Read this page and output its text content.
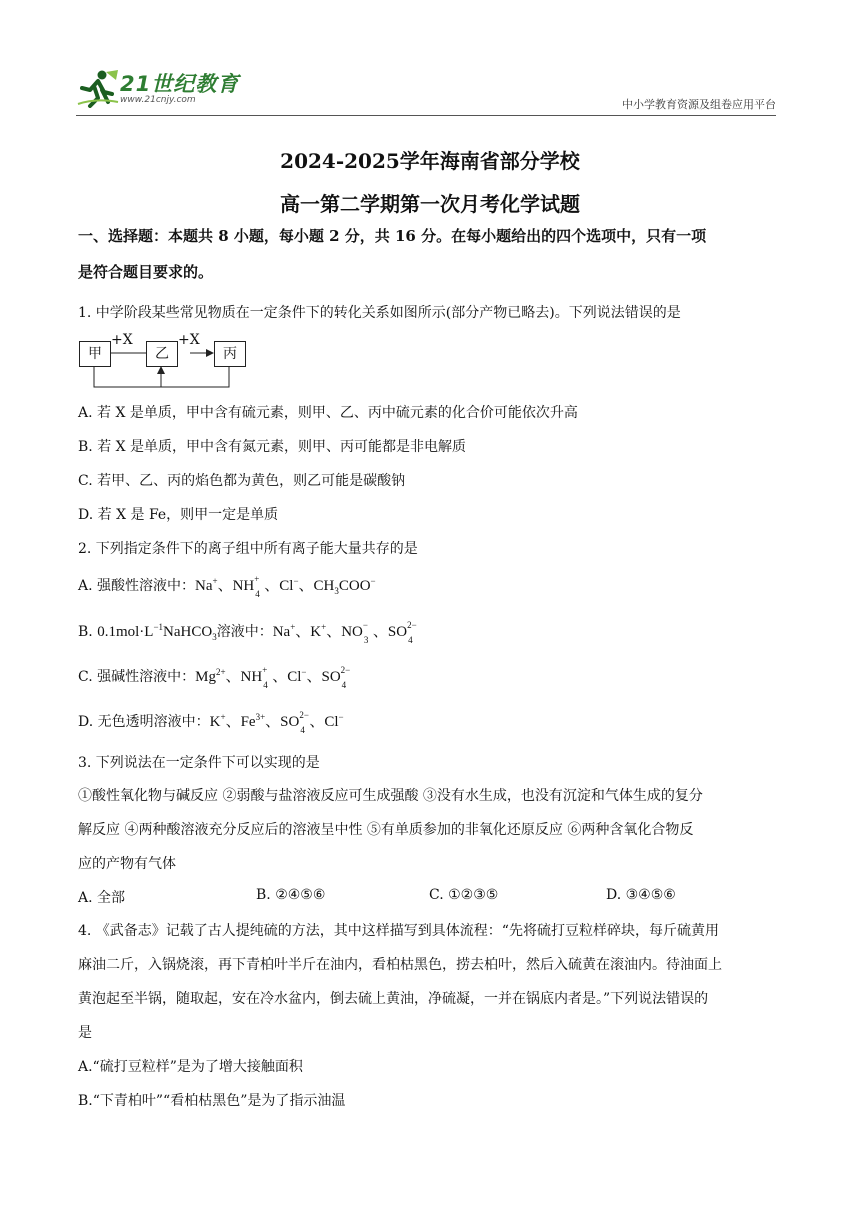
21世纪教育
www.21cnjy.com	中小学教育资源及组卷应用平台
2024-2025学年海南省部分学校
高一第二学期第一次月考化学试题
一、选择题：本题共 8 小题，每小题 2 分，共 16 分。在每小题给出的四个选项中，只有一项
是符合题目要求的。
1. 中学阶段某些常见物质在一定条件下的转化关系如图所示(部分产物已略去)。下列说法错误的是
甲	乙	丙
+X	+X
A. 若 X 是单质，甲中含有硫元素，则甲、乙、丙中硫元素的化合价可能依次升高
B. 若 X 是单质，甲中含有氮元素，则甲、丙可能都是非电解质
C. 若甲、乙、丙的焰色都为黄色，则乙可能是碳酸钠
D. 若 X 是 Fe，则甲一定是单质
2. 下列指定条件下的离子组中所有离子能大量共存的是
A. 强酸性溶液中：Na+、NH +
4 、Cl−、$CH_3COO^-$
B. $0.1mol\cdot L^{-1}NaHCO_3$溶液中：Na+、K+、NO −
3 、SO 2−
4
C. 强碱性溶液中：$Mg^{2+}$、NH +
4 、Cl−、SO 2−
4
D. 无色透明溶液中：K+、$Fe^{3+}$、SO 2−
4 、Cl−
3. 下列说法在一定条件下可以实现的是
①酸性氧化物与碱反应 ②弱酸与盐溶液反应可生成强酸 ③没有水生成，也没有沉淀和气体生成的复分
解反应 ④两种酸溶液充分反应后的溶液呈中性 ⑤有单质参加的非氧化还原反应 ⑥两种含氧化合物反
应的产物有气体
A. 全部	B. ②④⑤⑥	C. ①②③⑤	D. ③④⑤⑥
4. 《武备志》记载了古人提纯硫的方法，其中这样描写到具体流程：“先将硫打豆粒样碎块，每斤硫黄用
麻油二斤，入锅烧滚，再下青柏叶半斤在油内，看柏枯黑色，捞去柏叶，然后入硫黄在滚油内。待油面上
黄泡起至半锅，随取起，安在冷水盆内，倒去硫上黄油，净硫凝，一并在锅底内者是。”下列说法错误的
是
A.“硫打豆粒样”是为了增大接触面积
B.“下青柏叶”“看柏枯黑色”是为了指示油温
